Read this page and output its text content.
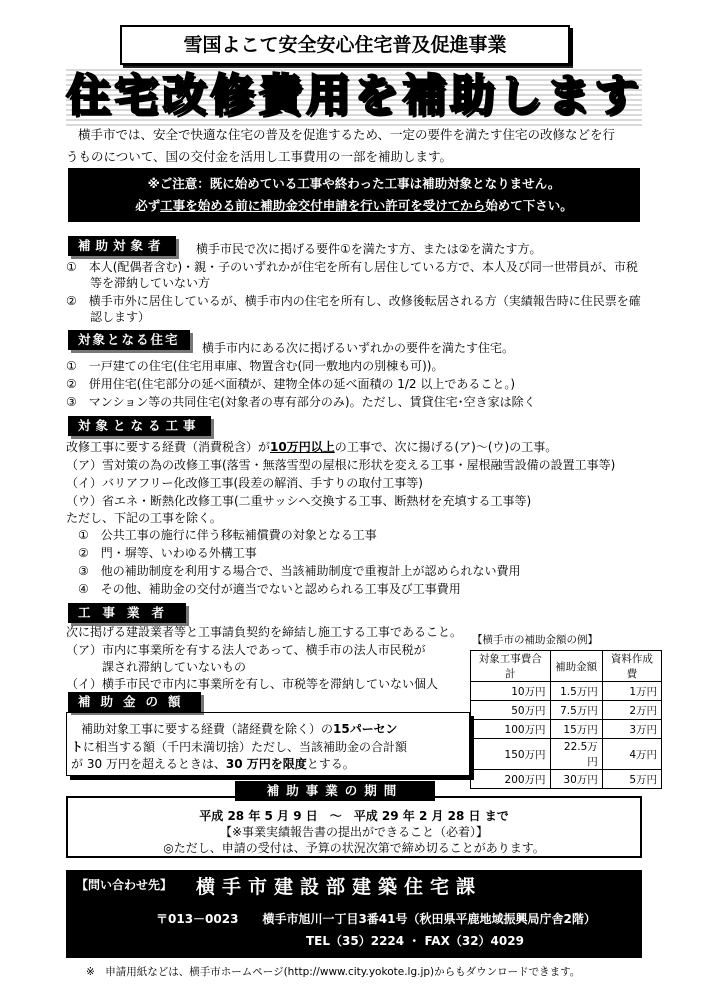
雪国よこて安全安心住宅普及促進事業
住宅改修費用を補助します
横手市では、安全で快適な住宅の普及を促進するため、一定の要件を満たす住宅の改修などを行
うものについて、国の交付金を活用し工事費用の一部を補助します。
※ご注意：既に始めている工事や終わった工事は補助対象となりません。
必ず工事を始める前に補助金交付申請を行い許可を受けてから始めて下さい。
補助対象者	横手市民で次に掲げる要件①を満たす方、または②を満たす方。
①　本人(配偶者含む)・親・子のいずれかが住宅を所有し居住している方で、本人及び同一世帯員が、市税
　　等を滞納していない方
②　横手市外に居住しているが、横手市内の住宅を所有し、改修後転居される方（実績報告時に住民票を確
　　認します）
対象となる住宅
横手市内にある次に掲げるいずれかの要件を満たす住宅。
①　一戸建ての住宅(住宅用車庫、物置含む(同一敷地内の別棟も可))。
②　併用住宅(住宅部分の延べ面積が、建物全体の延べ面積の 1/2 以上であること。)
③　マンション等の共同住宅(対象者の専有部分のみ)。ただし、賃貸住宅･空き家は除く
対象となる工事
改修工事に要する経費（消費税含）が10万円以上の工事で、次に揚げる(ア)～(ウ)の工事。
（ア）雪対策の為の改修工事(落雪・無落雪型の屋根に形状を変える工事・屋根融雪設備の設置工事等)
（イ）バリアフリー化改修工事(段差の解消、手すりの取付工事等)
（ウ）省エネ・断熱化改修工事(二重サッシへ交換する工事、断熱材を充填する工事等)
ただし、下記の工事を除く。
①　公共工事の施行に伴う移転補償費の対象となる工事
②　門・塀等、いわゆる外構工事
③　他の補助制度を利用する場合で、当該補助制度で重複計上が認められない費用
④　その他、補助金の交付が適当でないと認められる工事及び工事費用
工事業者
次に掲げる建設業者等と工事請負契約を締結し施工する工事であること。
（ア）市内に事業所を有する法人であって、横手市の法人市民税が
　　　課され滞納していないもの
（イ）横手市民で市内に事業所を有し、市税等を滞納していない個人
【横手市の補助金額の例】
対象工事費合計	補助金額	資料作成費
10万円	1.5万円	1万円
50万円	7.5万円	2万円
100万円	15万円	3万円
150万円	22.5万円	4万円
200万円	30万円	5万円
補助金の額
補助対象工事に要する経費（諸経費を除く）の15パーセン
トに相当する額（千円未満切捨）ただし、当該補助金の合計額
が 30 万円を超えるときは、30 万円を限度とする。
平成 28 年 5 月 9 日　～　平成 29 年 2 月 28 日 まで
【※事業実績報告書の提出ができること（必着）】
◎ただし、申請の受付は、予算の状況次第で締め切ることがあります。
補助事業の期間
【問い合わせ先】 横手市建設部建築住宅課
〒013－0023　　横手市旭川一丁目3番41号（秋田県平鹿地域振興局庁舎2階）
TEL（35）2224 ・ FAX（32）4029
※　申請用紙などは、横手市ホームページ(http://www.city.yokote.lg.jp)からもダウンロードできます。
